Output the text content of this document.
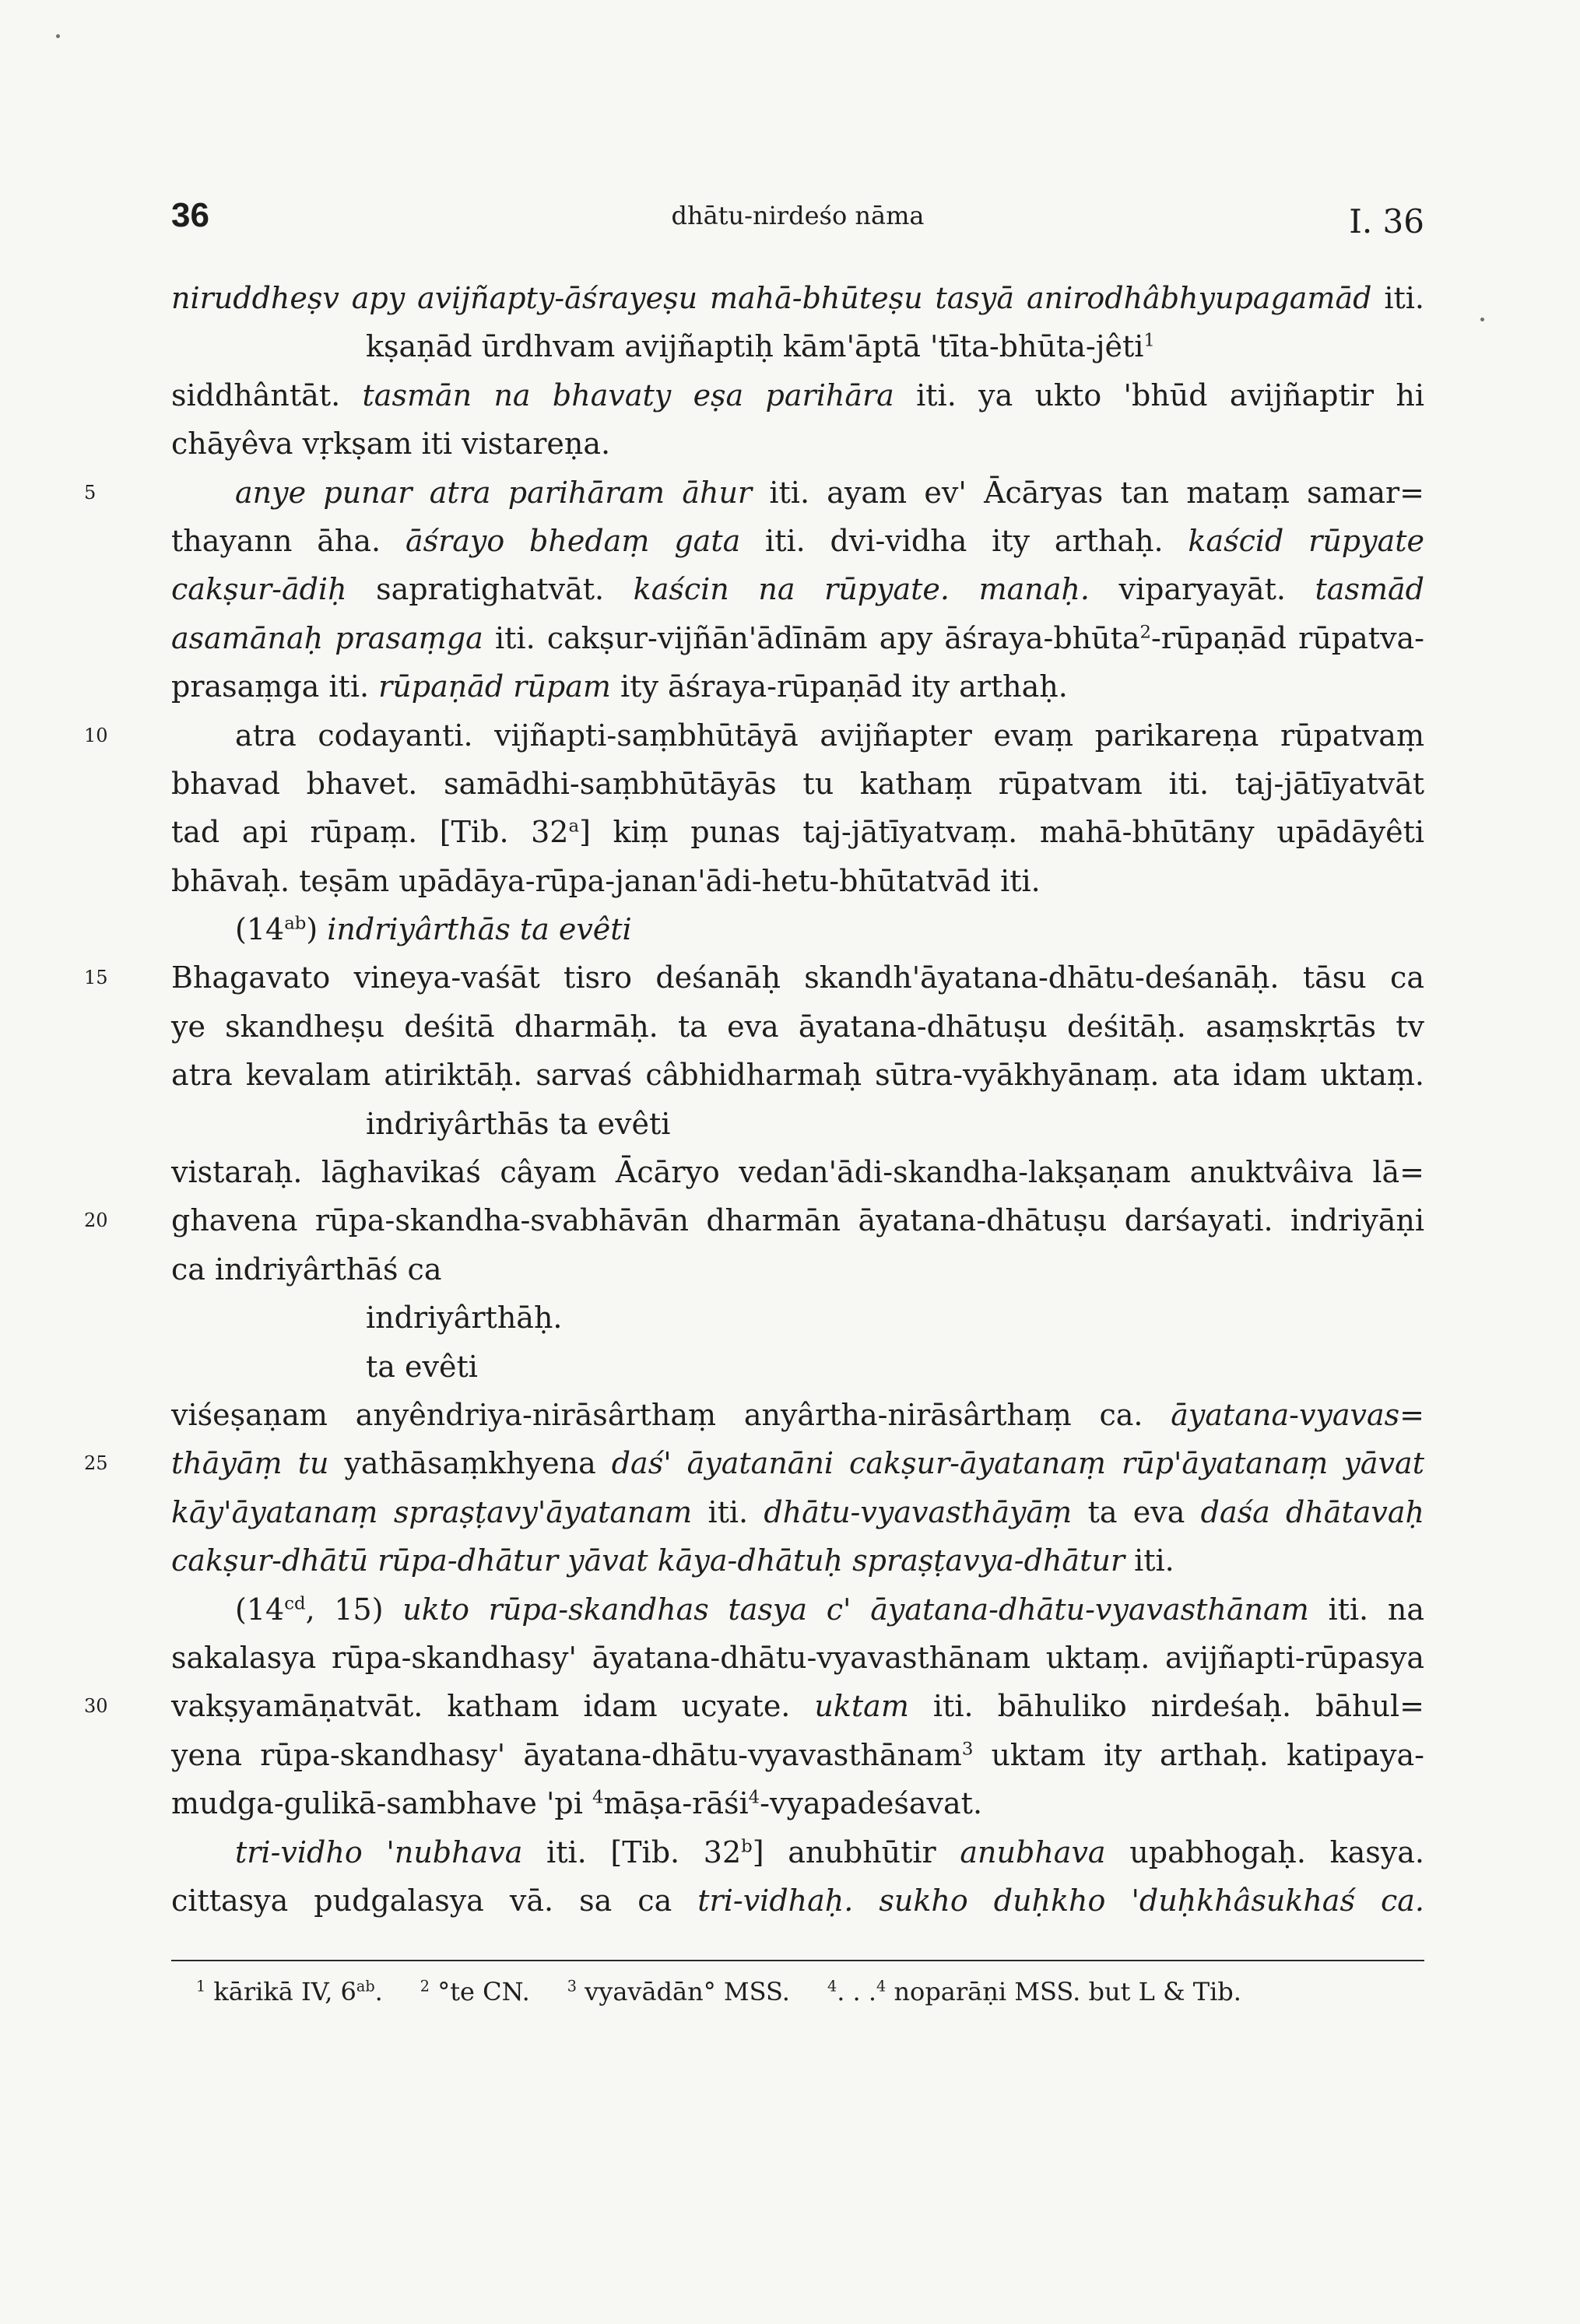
36	dhātu-nirdeśo nāma	I. 36
niruddheṣv apy avijñapty-āśrayeṣu mahā-bhūteṣu tasyā anirodhâbhyupagamād iti.
kṣaṇād ūrdhvam avijñaptiḥ kām'āptā 'tīta-bhūta-jêti$^1$
siddhântāt. tasmān na bhavaty eṣa parihāra iti. ya ukto 'bhūd avijñaptir hi
chāyêva vṛkṣam iti vistareṇa.
5	anye punar atra parihāram āhur iti. ayam ev' Ācāryas tan mataṃ samar=
thayann āha. āśrayo bhedaṃ gata iti. dvi-vidha ity arthaḥ. kaścid rūpyate
cakṣur-ādiḥ sapratighatvāt. kaścin na rūpyate. manaḥ. viparyayāt. tasmād
asamānaḥ prasaṃga iti. cakṣur-vijñān'ādīnām apy āśraya-bhūta$^2$-rūpaṇād rūpatva-
prasaṃga iti. rūpaṇād rūpam ity āśraya-rūpaṇād ity arthaḥ.
10	atra codayanti. vijñapti-saṃbhūtāyā avijñapter evaṃ parikareṇa rūpatvaṃ
bhavad bhavet. samādhi-saṃbhūtāyās tu kathaṃ rūpatvam iti. taj-jātīyatvāt
tad api rūpaṃ. [Tib. 32$^a$] kiṃ punas taj-jātīyatvaṃ. mahā-bhūtāny upādāyêti
bhāvaḥ. teṣām upādāya-rūpa-janan'ādi-hetu-bhūtatvād iti.
$(14^{ab})$ indriyârthās ta evêti
15 Bhagavato vineya-vaśāt tisro deśanāḥ skandh'āyatana-dhātu-deśanāḥ. tāsu ca
ye skandheṣu deśitā dharmāḥ. ta eva āyatana-dhātuṣu deśitāḥ. asaṃskṛtās tv
atra kevalam atiriktāḥ. sarvaś câbhidharmaḥ sūtra-vyākhyānaṃ. ata idam uktaṃ.
indriyârthās ta evêti
vistaraḥ. lāghavikaś câyam Ācāryo vedan'ādi-skandha-lakṣaṇam anuktvâiva lā=
20 ghavena rūpa-skandha-svabhāvān dharmān āyatana-dhātuṣu darśayati. indriyāṇi
ca indriyârthāś ca
indriyârthāḥ.
ta evêti
viśeṣaṇam anyêndriya-nirāsârthaṃ anyârtha-nirāsârthaṃ ca. āyatana-vyavas=
25 thāyāṃ tu yathāsaṃkhyena daś' āyatanāni cakṣur-āyatanaṃ rūp'āyatanaṃ yāvat
kāy'āyatanaṃ spraṣṭavy'āyatanam iti. dhātu-vyavasthāyāṃ ta eva daśa dhātavaḥ
cakṣur-dhātū rūpa-dhātur yāvat kāya-dhātuḥ spraṣṭavya-dhātur iti.
($14^{cd}$, 15) ukto rūpa-skandhas tasya c' āyatana-dhātu-vyavasthānam iti. na
sakalasya rūpa-skandhasy' āyatana-dhātu-vyavasthānam uktaṃ. avijñapti-rūpasya
30 vakṣyamāṇatvāt. katham idam ucyate. uktam iti. bāhuliko nirdeśaḥ. bāhul=
yena rūpa-skandhasy' āyatana-dhātu-vyavasthānam$^3$ uktam ity arthaḥ. katipaya-
mudga-gulikā-sambhave 'pi $^4$māṣa-rāśi$^4$-vyapadeśavat.
tri-vidho 'nubhava iti. [Tib. 32$^b$] anubhūtir anubhava upabhogaḥ. kasya.
cittasya pudgalasya vā. sa ca tri-vidhaḥ. sukho duḥkho 'duḥkhâsukhaś ca.
$^1$ kārikā IV, $6^{ab}$.	$^2$ °te CN.	$^3$ vyavādān° MSS.	$^4$. . .$^4$ noparāṇi MSS. but L & Tib.
